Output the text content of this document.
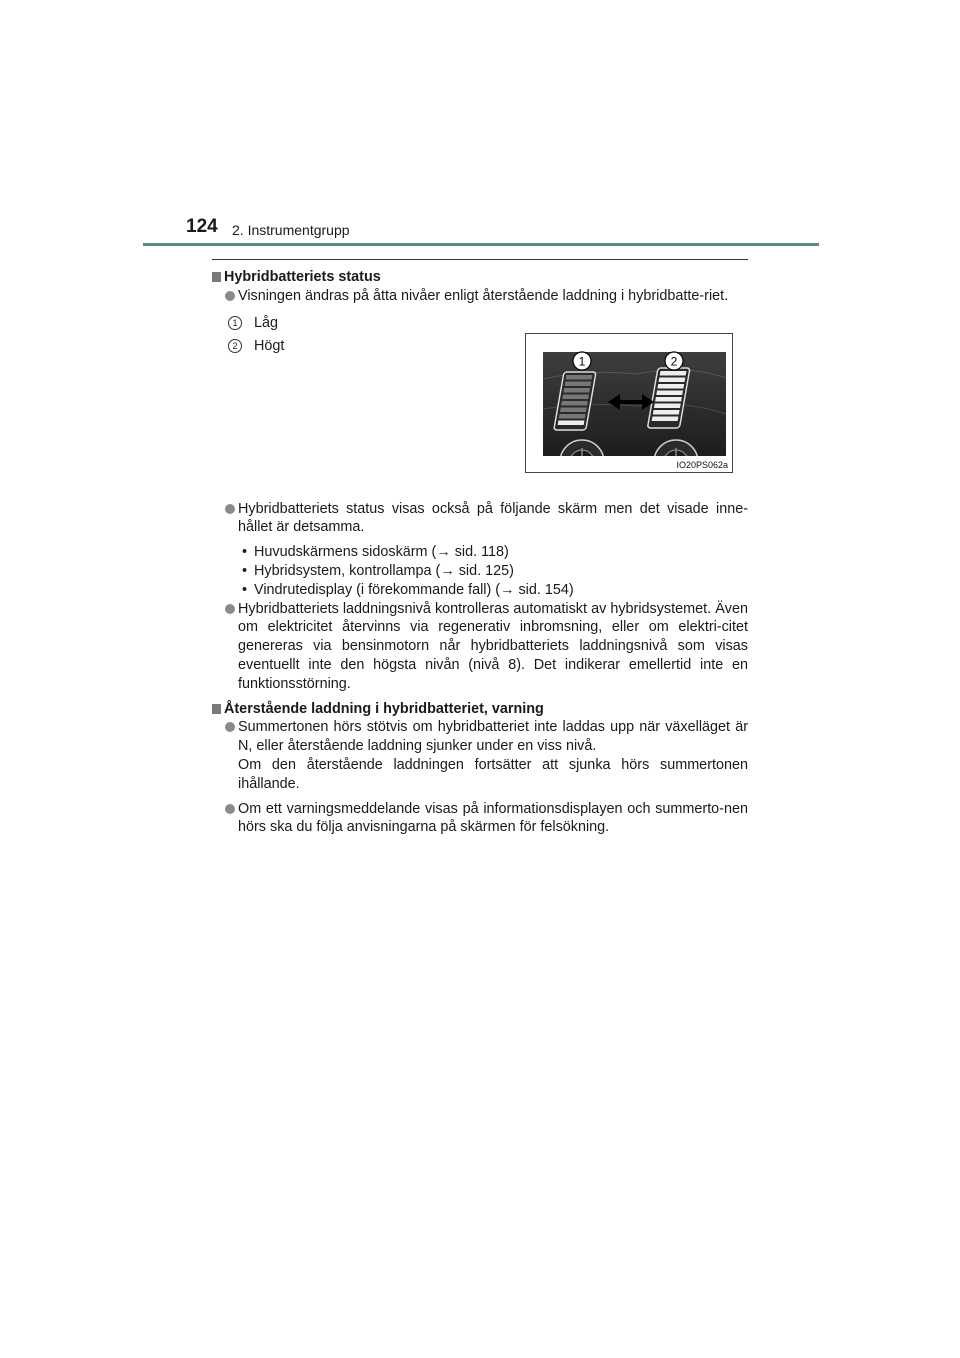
124 2. Instrumentgrupp
Hybridbatteriets status
Visningen ändras på åtta nivåer enligt återstående laddning i hybridbatte-riet.
1 Låg
2 Högt
Hybridbatteriets status visas också på följande skärm men det visade inne-hållet är detsamma.
• Huvudskärmens sidoskärm (→ sid. 118)
• Hybridsystem, kontrollampa (→ sid. 125)
• Vindrutedisplay (i förekommande fall) (→ sid. 154)
Hybridbatteriets laddningsnivå kontrolleras automatiskt av hybridsystemet. Även om elektricitet återvinns via regenerativ inbromsning, eller om elektri-citet genereras via bensinmotorn når hybridbatteriets laddningsnivå som visas eventuellt inte den högsta nivån (nivå 8). Det indikerar emellertid inte en funktionsstörning.
Återstående laddning i hybridbatteriet, varning
Summertonen hörs stötvis om hybridbatteriet inte laddas upp när växelläget är N, eller återstående laddning sjunker under en viss nivå.
Om den återstående laddningen fortsätter att sjunka hörs summertonen ihållande.
Om ett varningsmeddelande visas på informationsdisplayen och summerto-nen hörs ska du följa anvisningarna på skärmen för felsökning.
1	2
IO20PS062a
